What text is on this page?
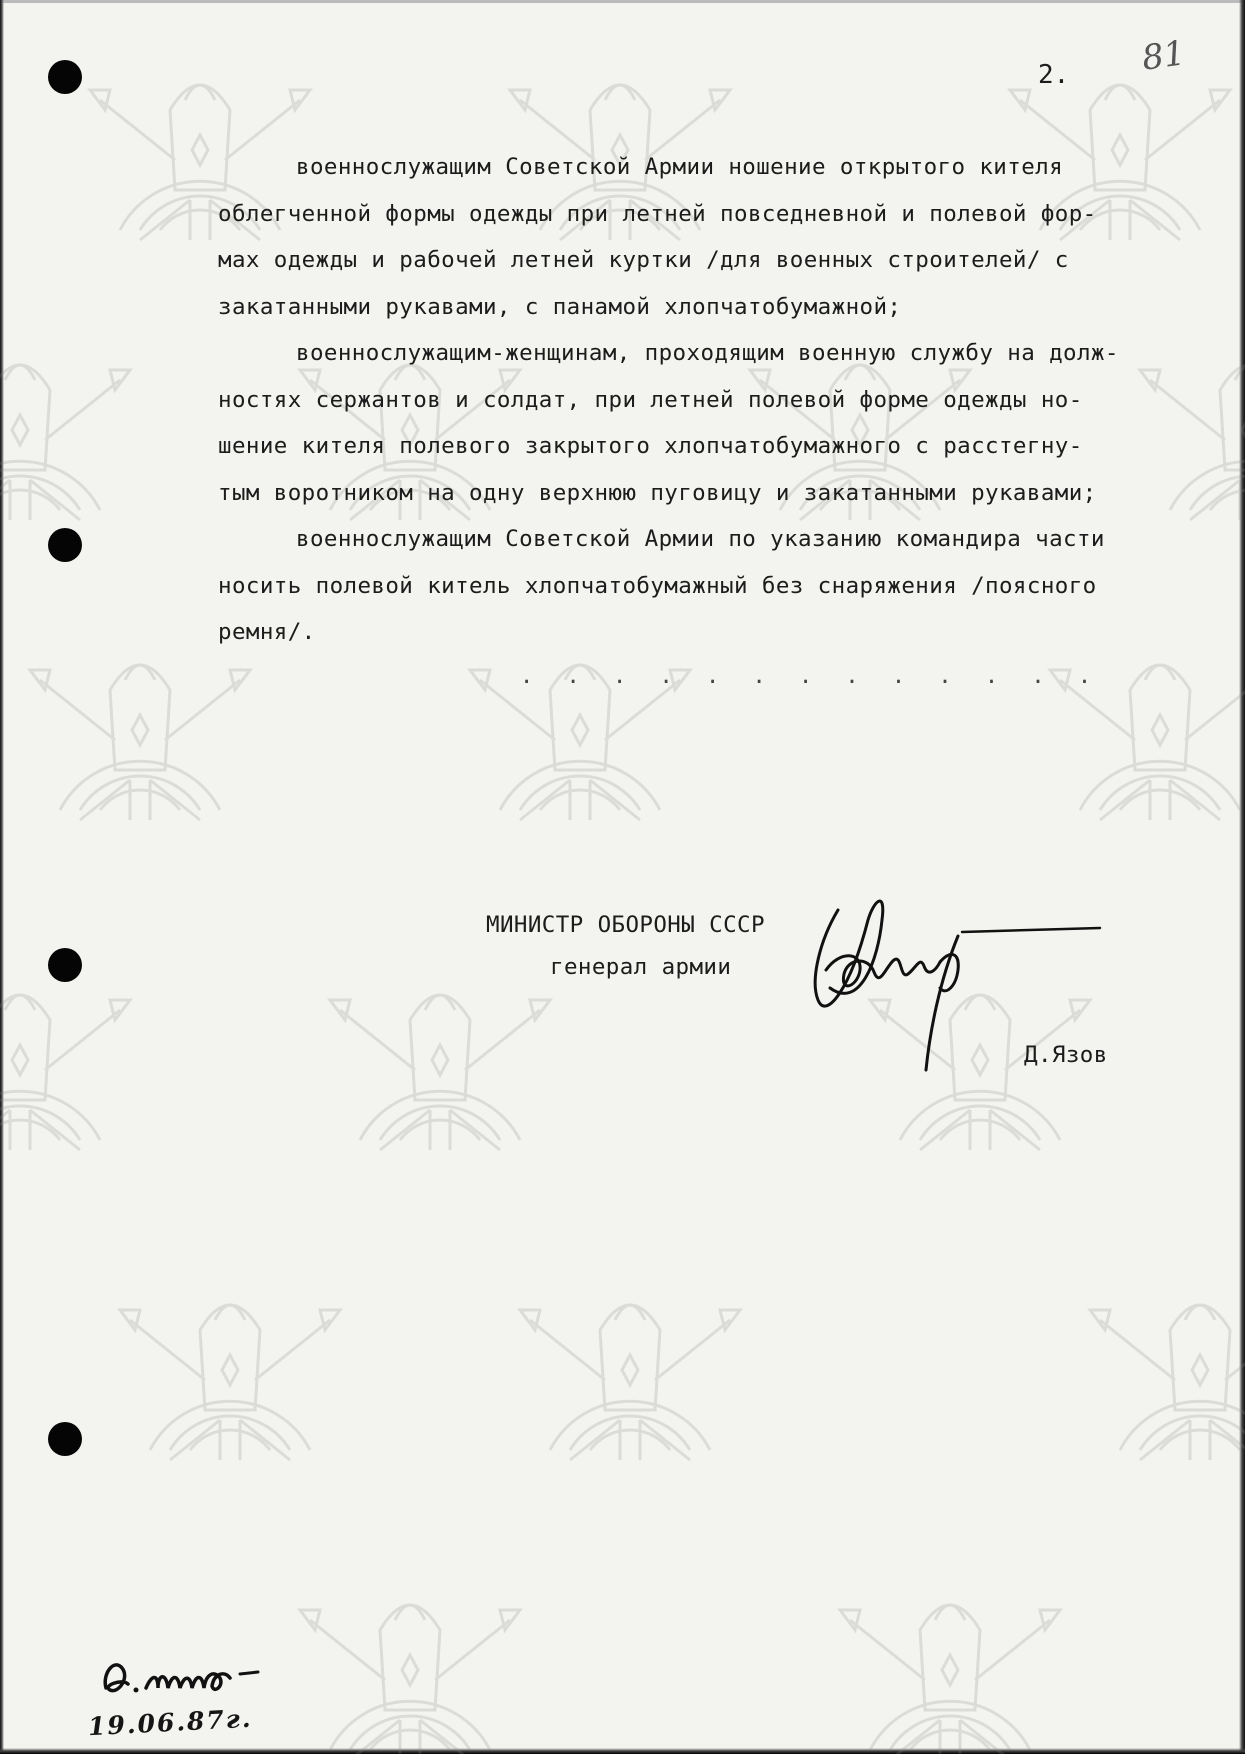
2. 81
военнослужащим Советской Армии ношение открытого кителя
облегченной формы одежды при летней повседневной и полевой фор-
мах одежды и рабочей летней куртки /для военных строителей/ с
закатанными рукавами, с панамой хлопчатобумажной;
военнослужащим-женщинам, проходящим военную службу на долж-
ностях сержантов и солдат, при летней полевой форме одежды но-
шение кителя полевого закрытого хлопчатобумажного с расстегну-
тым воротником на одну верхнюю пуговицу и закатанными рукавами;
военнослужащим Советской Армии по указанию командира части
носить полевой китель хлопчатобумажный без снаряжения /поясного
ремня/.
. . . . . . . . . . . . .
МИНИСТР ОБОРОНЫ СССР
генерал армии
Д.Язов
19.06.87г.
